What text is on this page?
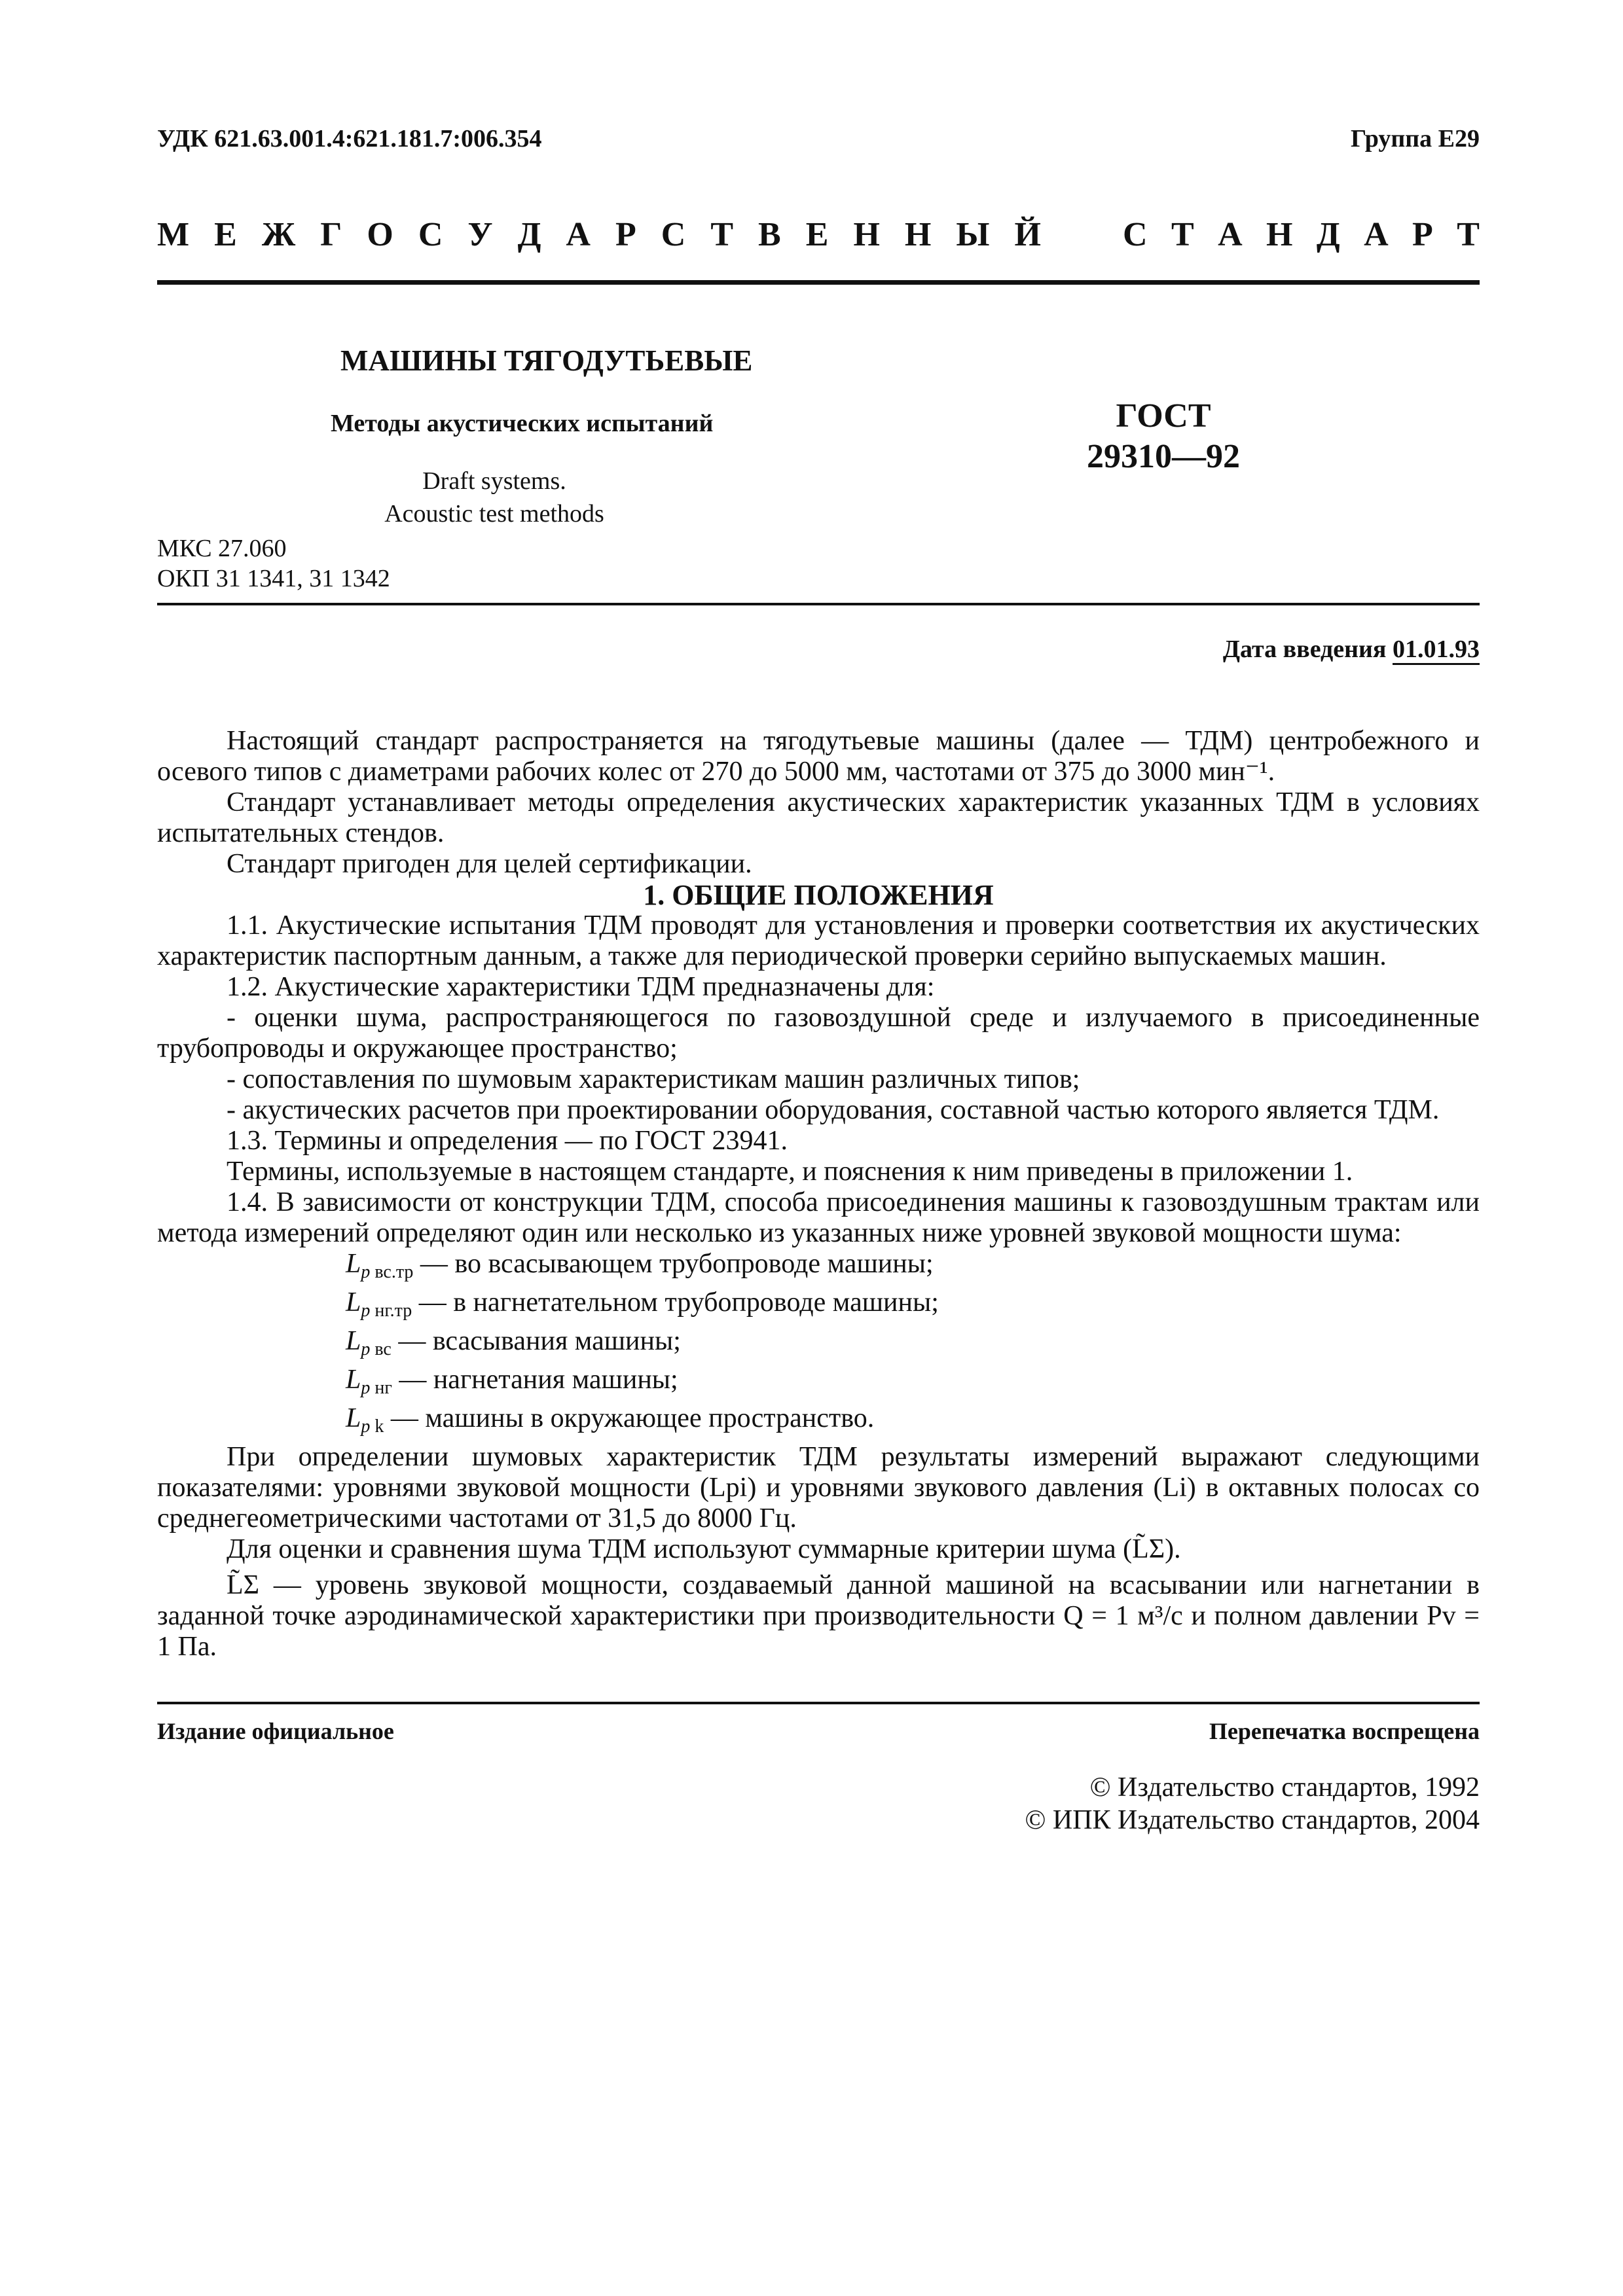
УДК 621.63.001.4:621.181.7:006.354	Группа Е29
М Е Ж Г О С У Д А Р С Т В Е Н Н Ы Й С Т А Н Д А Р Т
МАШИНЫ ТЯГОДУТЬЕВЫЕ
Методы акустических испытаний
Draft systems.
Acoustic test methods
ГОСТ
29310—92
МКС 27.060
ОКП 31 1341, 31 1342
Дата введения 01.01.93

Настоящий стандарт распространяется на тягодутьевые машины (далее — ТДМ) центробежного и осевого типов с диаметрами рабочих колес от 270 до 5000 мм, частотами от 375 до 3000 мин⁻¹.

Стандарт устанавливает методы определения акустических характеристик указанных ТДМ в условиях испытательных стендов.

Стандарт пригоден для целей сертификации.

1. ОБЩИЕ ПОЛОЖЕНИЯ

1.1. Акустические испытания ТДМ проводят для установления и проверки соответствия их акустических характеристик паспортным данным, а также для периодической проверки серийно выпускаемых машин.

1.2. Акустические характеристики ТДМ предназначены для:

- оценки шума, распространяющегося по газовоздушной среде и излучаемого в присоединенные трубопроводы и окружающее пространство;

- сопоставления по шумовым характеристикам машин различных типов;

- акустических расчетов при проектировании оборудования, составной частью которого является ТДМ.

1.3. Термины и определения — по ГОСТ 23941.

Термины, используемые в настоящем стандарте, и пояснения к ним приведены в приложении 1.

1.4. В зависимости от конструкции ТДМ, способа присоединения машины к газовоздушным трактам или метода измерений определяют один или несколько из указанных ниже уровней звуковой мощности шума:

$L_{p вс.тр}$ — во всасывающем трубопроводе машины;

$L_{p нг.тр}$ — в нагнетательном трубопроводе машины;

$L_{p вс}$ — всасывания машины;

$L_{p нг}$ — нагнетания машины;

$L_{p k}$ — машины в окружающее пространство.

При определении шумовых характеристик ТДМ результаты измерений выражают следующими показателями: уровнями звуковой мощности (Lpi) и уровнями звукового давления (Li) в октавных полосах со среднегеометрическими частотами от 31,5 до 8000 Гц.

Для оценки и сравнения шума ТДМ используют суммарные критерии шума (L̃Σ).

L̃Σ — уровень звуковой мощности, создаваемый данной машиной на всасывании или нагнетании в заданной точке аэродинамической характеристики при производительности Q = 1 м³/с и полном давлении Pv = 1 Па.

Издание официальное	Перепечатка воспрещена
© Издательство стандартов, 1992
© ИПК Издательство стандартов, 2004
